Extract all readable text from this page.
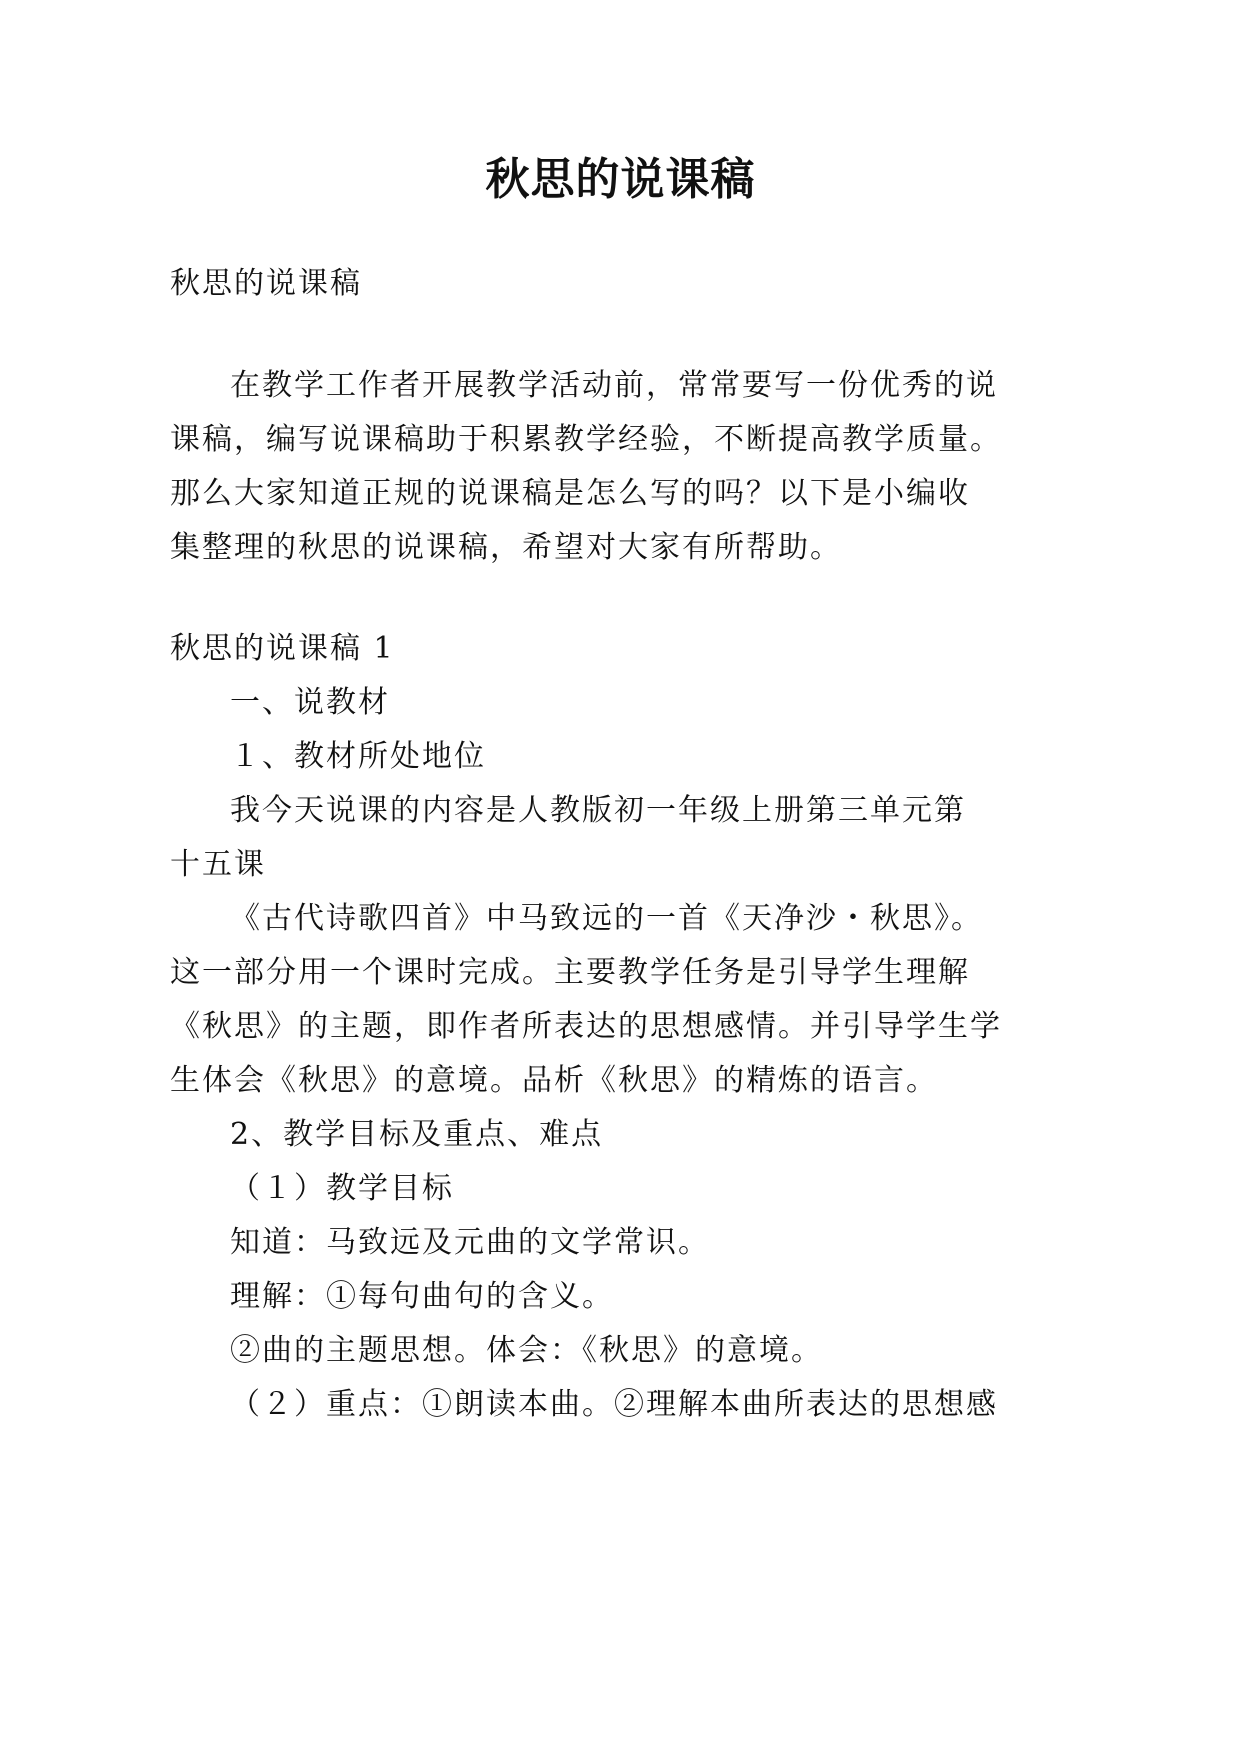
秋思的说课稿

秋思的说课稿

在教学工作者开展教学活动前，常常要写一份优秀的说

课稿，编写说课稿助于积累教学经验，不断提高教学质量。

那么大家知道正规的说课稿是怎么写的吗？以下是小编收

集整理的秋思的说课稿，希望对大家有所帮助。

秋思的说课稿 1

一、说教材

１、教材所处地位

我今天说课的内容是人教版初一年级上册第三单元第

十五课

《古代诗歌四首》中马致远的一首《天净沙・秋思》。

这一部分用一个课时完成。主要教学任务是引导学生理解

《秋思》的主题，即作者所表达的思想感情。并引导学生学

生体会《秋思》的意境。品析《秋思》的精炼的语言。

2、教学目标及重点、难点

（１）教学目标

知道：马致远及元曲的文学常识。

理解：①每句曲句的含义。

②曲的主题思想。体会：《秋思》的意境。

（２）重点：①朗读本曲。②理解本曲所表达的思想感
